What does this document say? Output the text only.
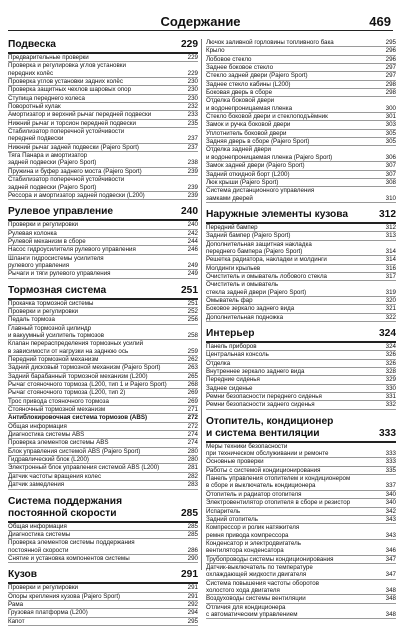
Содержание	469
Подвеска	229
Предварительные проверки	229
Проверка и регулировка углов установки
передних колёс	229
Проверка углов установки задних колёс	230
Проверка защитных чехлов шаровых опор	230
Ступица переднего колеса	230
Поворотный кулак	232
Амортизатор и верхний рычаг передней подвески	233
Нижний рычаг и торсион передней подвески	235
Стабилизатор поперечной устойчивости
передней подвески	237
Нижний рычаг задней подвески (Pajero Sport)	237
Тяга Панара и амортизатор
задней подвески (Pajero Sport)	238
Пружина и буфер заднего моста (Pajero Sport)	239
Стабилизатор поперечной устойчивости
задней подвески (Pajero Sport)	239
Рессора и амортизатор задней подвески (L200)	239
Рулевое управление	240
Проверки и регулировки	240
Рулевая колонка	242
Рулевой механизм в сборе	244
Насос гидроусилителя рулевого управления	246
Шланги гидросистемы усилителя
рулевого управления	249
Рычаги и тяги рулевого управления	249
Тормозная система	251
Прокачка тормозной системы	251
Проверки и регулировки	252
Педаль тормоза	256
Главный тормозной цилиндр
и вакуумный усилитель тормозов	258
Клапан перераспределения тормозных усилий
в зависимости от нагрузки на заднюю ось	259
Передний тормозной механизм	262
Задний дисковый тормозной механизм (Pajero Sport)	263
Задний барабанный тормозной механизм (L200)	265
Рычаг стояночного тормоза (L200, тип 1 и Pajero Sport)	268
Рычаг стояночного тормоза (L200, тип 2)	269
Трос привода стояночного тормоза	269
Стояночный тормозной механизм	271
Антиблокировочная система тормозов (ABS)	272
Общая информация	272
Диагностика системы ABS	274
Проверка элементов системы ABS	274
Блок управления системой ABS (Pajero Sport)	280
Гидравлический блок (L200)	280
Электронный блок управления системой ABS (L200)	281
Датчик частоты вращения колес	282
Датчик замедления	283
Система поддержания
постоянной скорости	285
Общая информация	285
Диагностика системы	285
Проверка элементов системы поддержания
постоянной скорости	286
Снятие и установка компонентов системы	290
Кузов	291
Проверки и регулировки	291
Опоры крепления кузова (Pajero Sport)	291
Рама	292
Грузовая платформа (L200)	294
Капот	295
Лючок заливной горловины топливного бака	295
Крыло	296
Лобовое стекло	296
Заднее боковое стекло	297
Стекло задней двери (Pajero Sport)	297
Заднее стекло кабины (L200)	298
Боковая дверь в сборе	298
Отделка боковой двери
и водонепроницаемая пленка	300
Стекло боковой двери и стеклоподъёмник	301
Замок и ручка боковой двери	303
Уплотнитель боковой двери	305
Задняя дверь в сборе (Pajero Sport)	305
Отделка задней двери
и водонепроницаемая пленка (Pajero Sport)	306
Замок задней двери (Pajero Sport)	307
Задний откидной борт (L200)	307
Люк крыши (Pajero Sport)	308
Система дистанционного управления
замками дверей	310
Наружные элементы кузова	312
Передний бампер	312
Задний бампер (Pajero Sport)	313
Дополнительная защитная накладка
переднего бампера (Pajero Sport)	314
Решетка радиатора, накладки и молдинги	314
Молдинги крыльев	316
Очиститель и омыватель лобового стекла	317
Очиститель и омыватель
стекла задней двери (Pajero Sport)	319
Омыватель фар	320
Боковое зеркало заднего вида	321
Дополнительная подножка	322
Интерьер	324
Панель приборов	324
Центральная консоль	326
Отделка	326
Внутреннее зеркало заднего вида	328
Передние сиденья	329
Заднее сиденье	330
Ремни безопасности переднего сиденья	331
Ремни безопасности заднего сиденья	332
Отопитель, кондиционер
и система вентиляции	333
Меры техники безопасности
при техническом обслуживании и ремонте	333
Основные проверки	333
Работы с системой кондиционирования	335
Панель управления отопителем и кондиционером
в сборе и выключатель кондиционера	337
Отопитель и радиатор отопителя	340
Электровентилятор отопителя в сборе и резистор	340
Испаритель	342
Задний отопитель	343
Компрессор и ролик натяжителя
ремня привода компрессора	343
Конденсатор и электродвигатель
вентилятора конденсатора	346
Трубопроводы системы кондиционирования	347
Датчик-выключатель по температуре
охлаждающей жидкости двигателя	347
Система повышения частоты оборотов
холостого хода двигателя	348
Воздуховоды системы вентиляции	348
Отличия для кондиционера
с автоматическим управлением	348
